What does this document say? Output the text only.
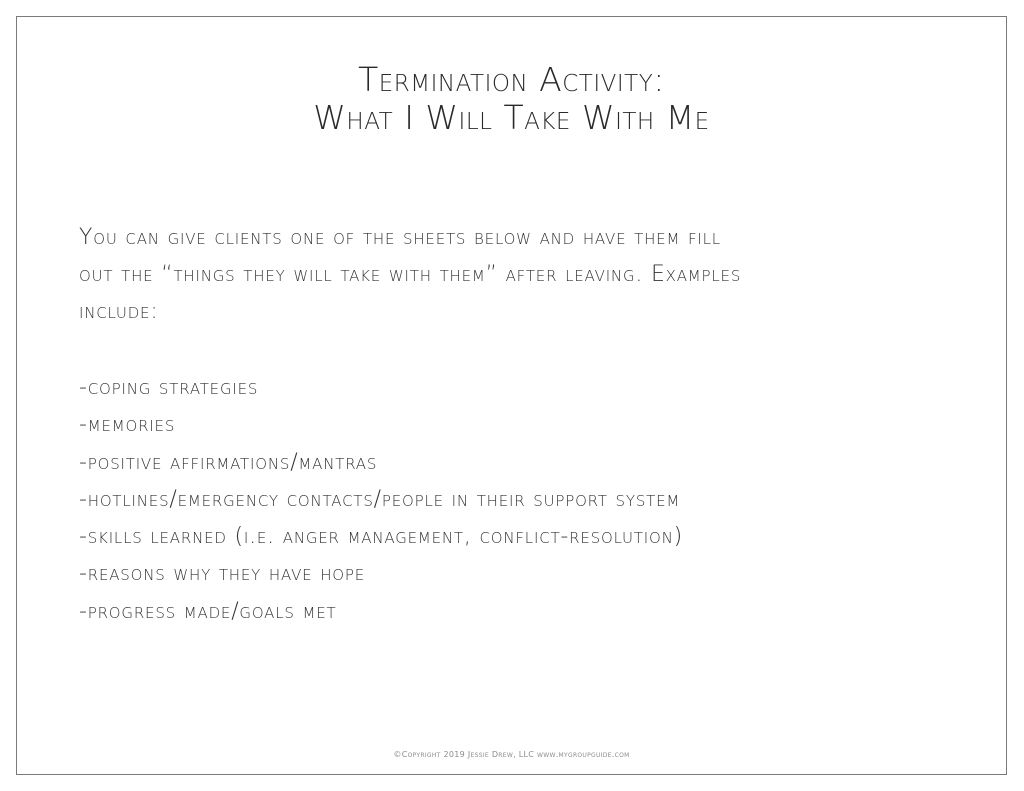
Termination Activity:
What I Will Take With Me
You can give clients one of the sheets below and have them fill
out the “things they will take with them” after leaving. Examples
include:
-coping strategies
-memories
-positive affirmations/mantras
-hotlines/emergency contacts/people in their support system
-skills learned (i.e. anger management, conflict-resolution)
-reasons why they have hope
-progress made/goals met
©Copyright 2019 Jessie Drew, LLC www.mygroupguide.com
